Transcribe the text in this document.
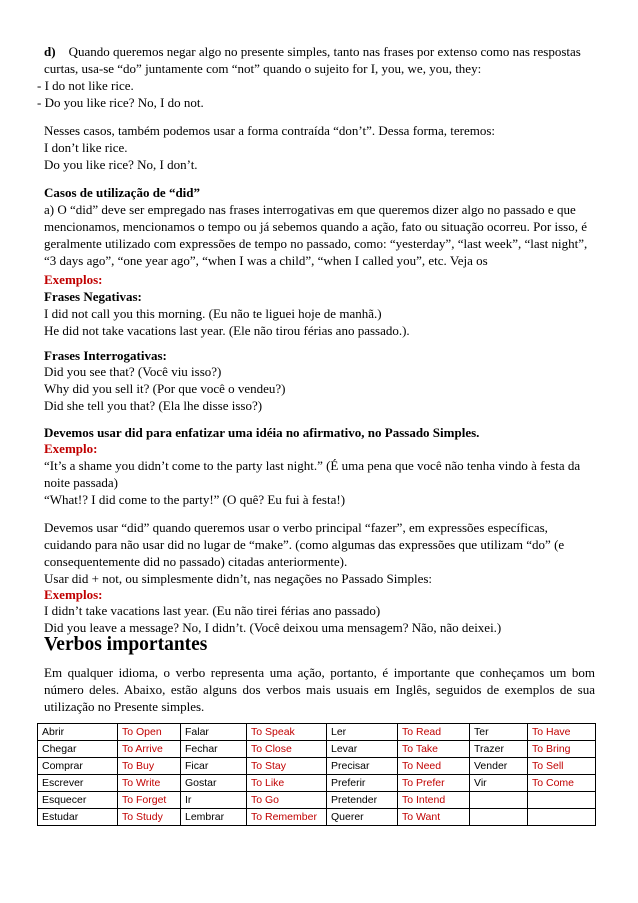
d) Quando queremos negar algo no presente simples, tanto nas frases por extenso como nas respostas
curtas, usa-se “do” juntamente com “not” quando o sujeito for I, you, we, you, they:
- I do not like rice.
- Do you like rice? No, I do not.
Nesses casos, também podemos usar a forma contraída “don’t”. Dessa forma, teremos:
I don’t like rice.
Do you like rice? No, I don’t.
Casos de utilização de “did”
a) O “did” deve ser empregado nas frases interrogativas em que queremos dizer algo no passado e que
mencionamos, mencionamos o tempo ou já sebemos quando a ação, fato ou situação ocorreu. Por isso, é
geralmente utilizado com expressões de tempo no passado, como: “yesterday”, “last week”, “last night”,
“3 days ago”, “one year ago”, “when I was a child”, “when I called you”, etc. Veja os
Exemplos:
Frases Negativas:
I did not call you this morning. (Eu não te liguei hoje de manhã.)
He did not take vacations last year. (Ele não tirou férias ano passado.).
Frases Interrogativas:
Did you see that? (Você viu isso?)
Why did you sell it? (Por que você o vendeu?)
Did she tell you that? (Ela lhe disse isso?)
Devemos usar did para enfatizar uma idéia no afirmativo, no Passado Simples.
Exemplo:
“It’s a shame you didn’t come to the party last night.” (É uma pena que você não tenha vindo à festa da
noite passada)
“What!? I did come to the party!” (O quê? Eu fui à festa!)
Devemos usar “did” quando queremos usar o verbo principal “fazer”, em expressões específicas,
cuidando para não usar did no lugar de “make”. (como algumas das expressões que utilizam “do” (e
consequentemente did no passado) citadas anteriormente).
Usar did + not, ou simplesmente didn’t, nas negações no Passado Simples:
Exemplos:
I didn’t take vacations last year. (Eu não tirei férias ano passado)
Did you leave a message? No, I didn’t. (Você deixou uma mensagem? Não, não deixei.)
Verbos importantes
Em qualquer idioma, o verbo representa uma ação, portanto, é importante que conheçamos um bom
número deles. Abaixo, estão alguns dos verbos mais usuais em Inglês, seguidos de exemplos de sua
utilização no Presente simples.
Abrir	To Open	Falar	To Speak	Ler	To Read	Ter	To Have
Chegar	To Arrive	Fechar	To Close	Levar	To Take	Trazer	To Bring
Comprar	To Buy	Ficar	To Stay	Precisar	To Need	Vender	To Sell
Escrever	To Write	Gostar	To Like	Preferir	To Prefer	Vir	To Come
Esquecer	To Forget	Ir	To Go	Pretender	To Intend		
Estudar	To Study	Lembrar	To Remember	Querer	To Want		
